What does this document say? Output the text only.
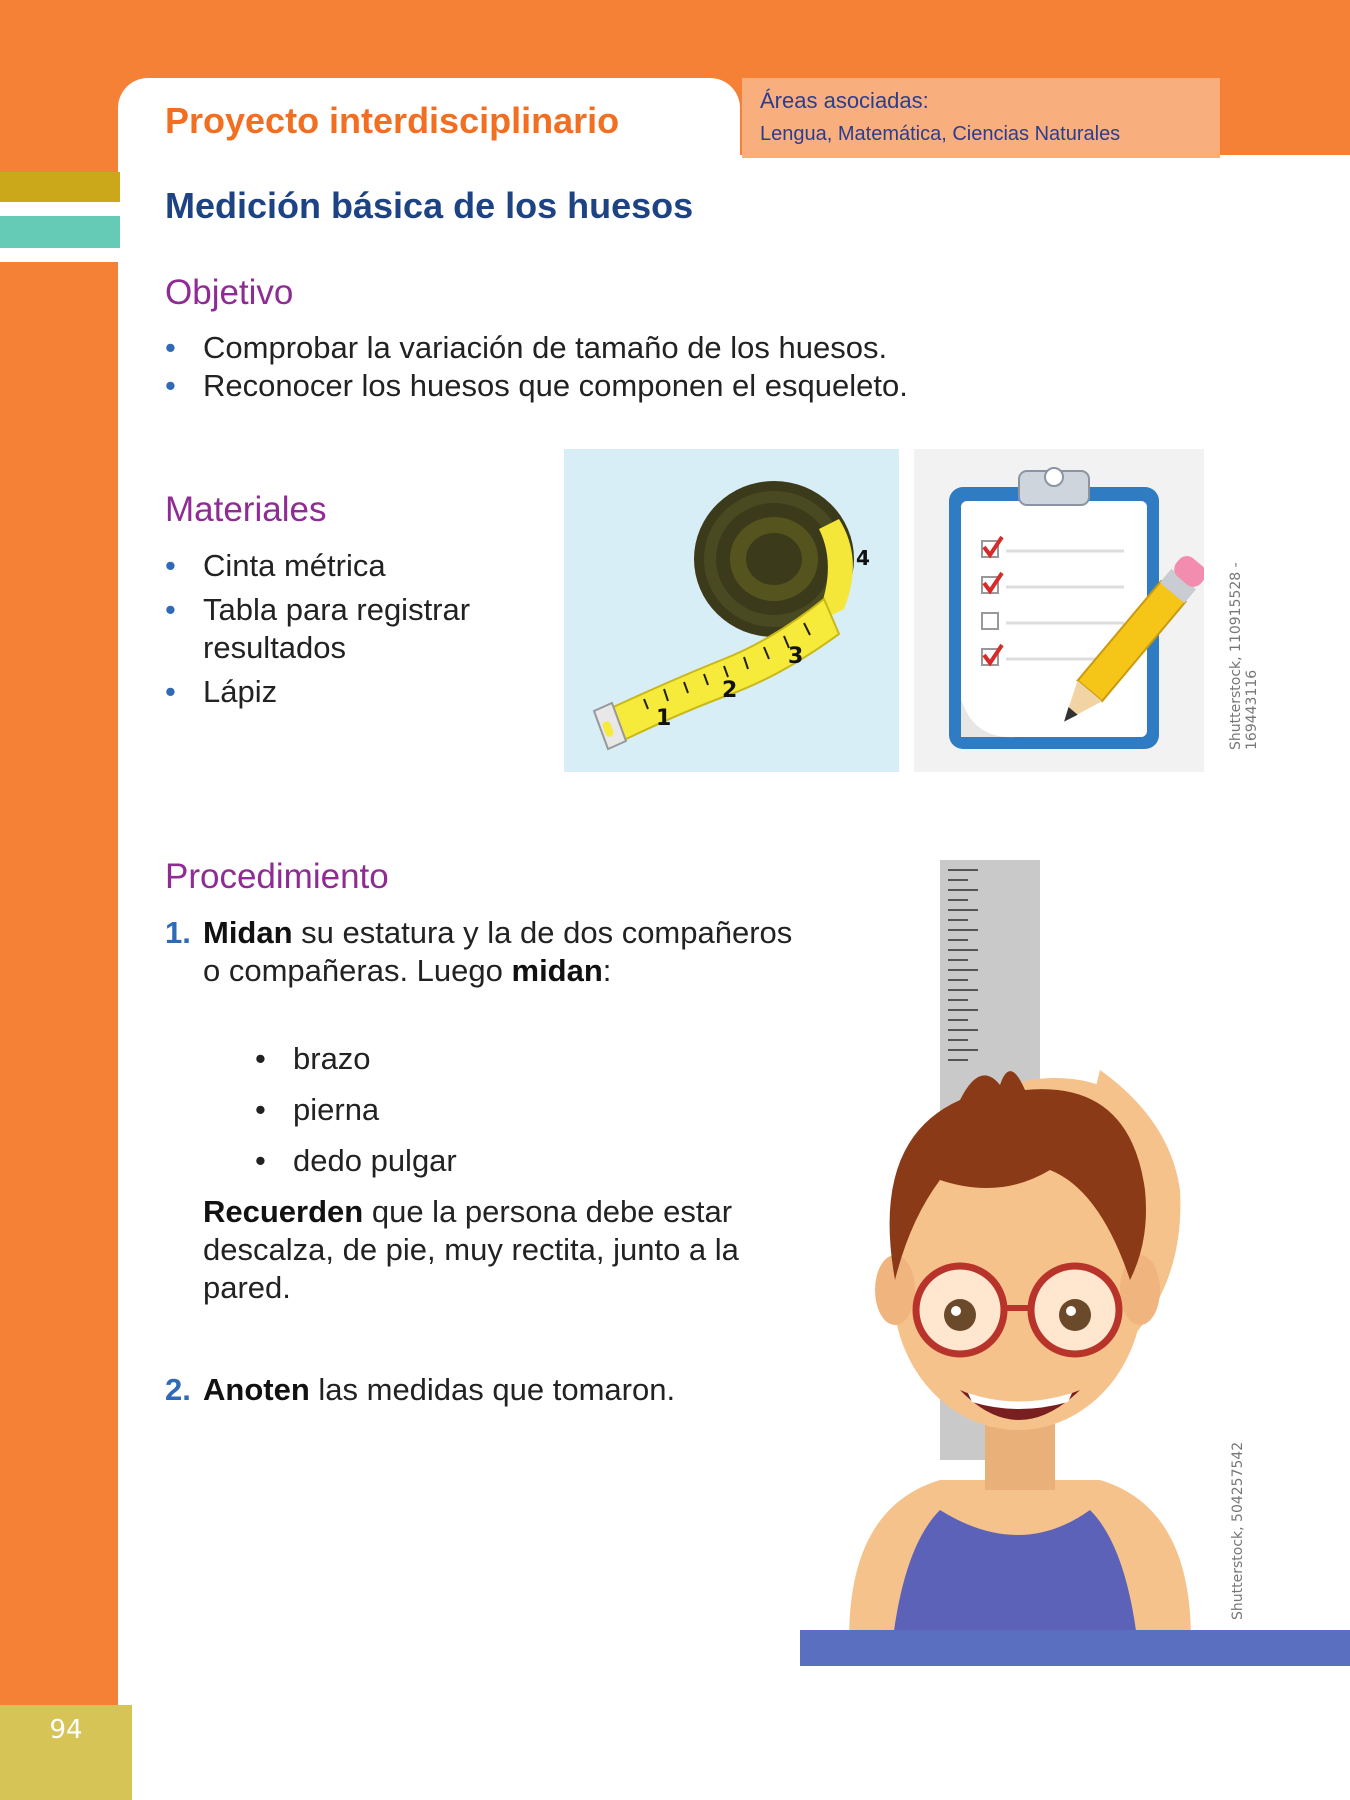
94
Proyecto interdisciplinario	Áreas asociadas:
Lengua, Matemática, Ciencias Naturales
Medición básica de los huesos
Objetivo
• Comprobar la variación de tamaño de los huesos.
• Reconocer los huesos que componen el esqueleto.
Materiales
• Cinta métrica
• Tabla para registrar resultados
• Lápiz
1
2
3
4
Shutterstock, 110915528 - 169443116
Procedimiento
1. Midan su estatura y la de dos compañeros o compañeras. Luego midan:
• brazo
• pierna
• dedo pulgar
Recuerden que la persona debe estar descalza, de pie, muy rectita, junto a la pared.
2. Anoten las medidas que tomaron.
Shutterstock, 504257542
